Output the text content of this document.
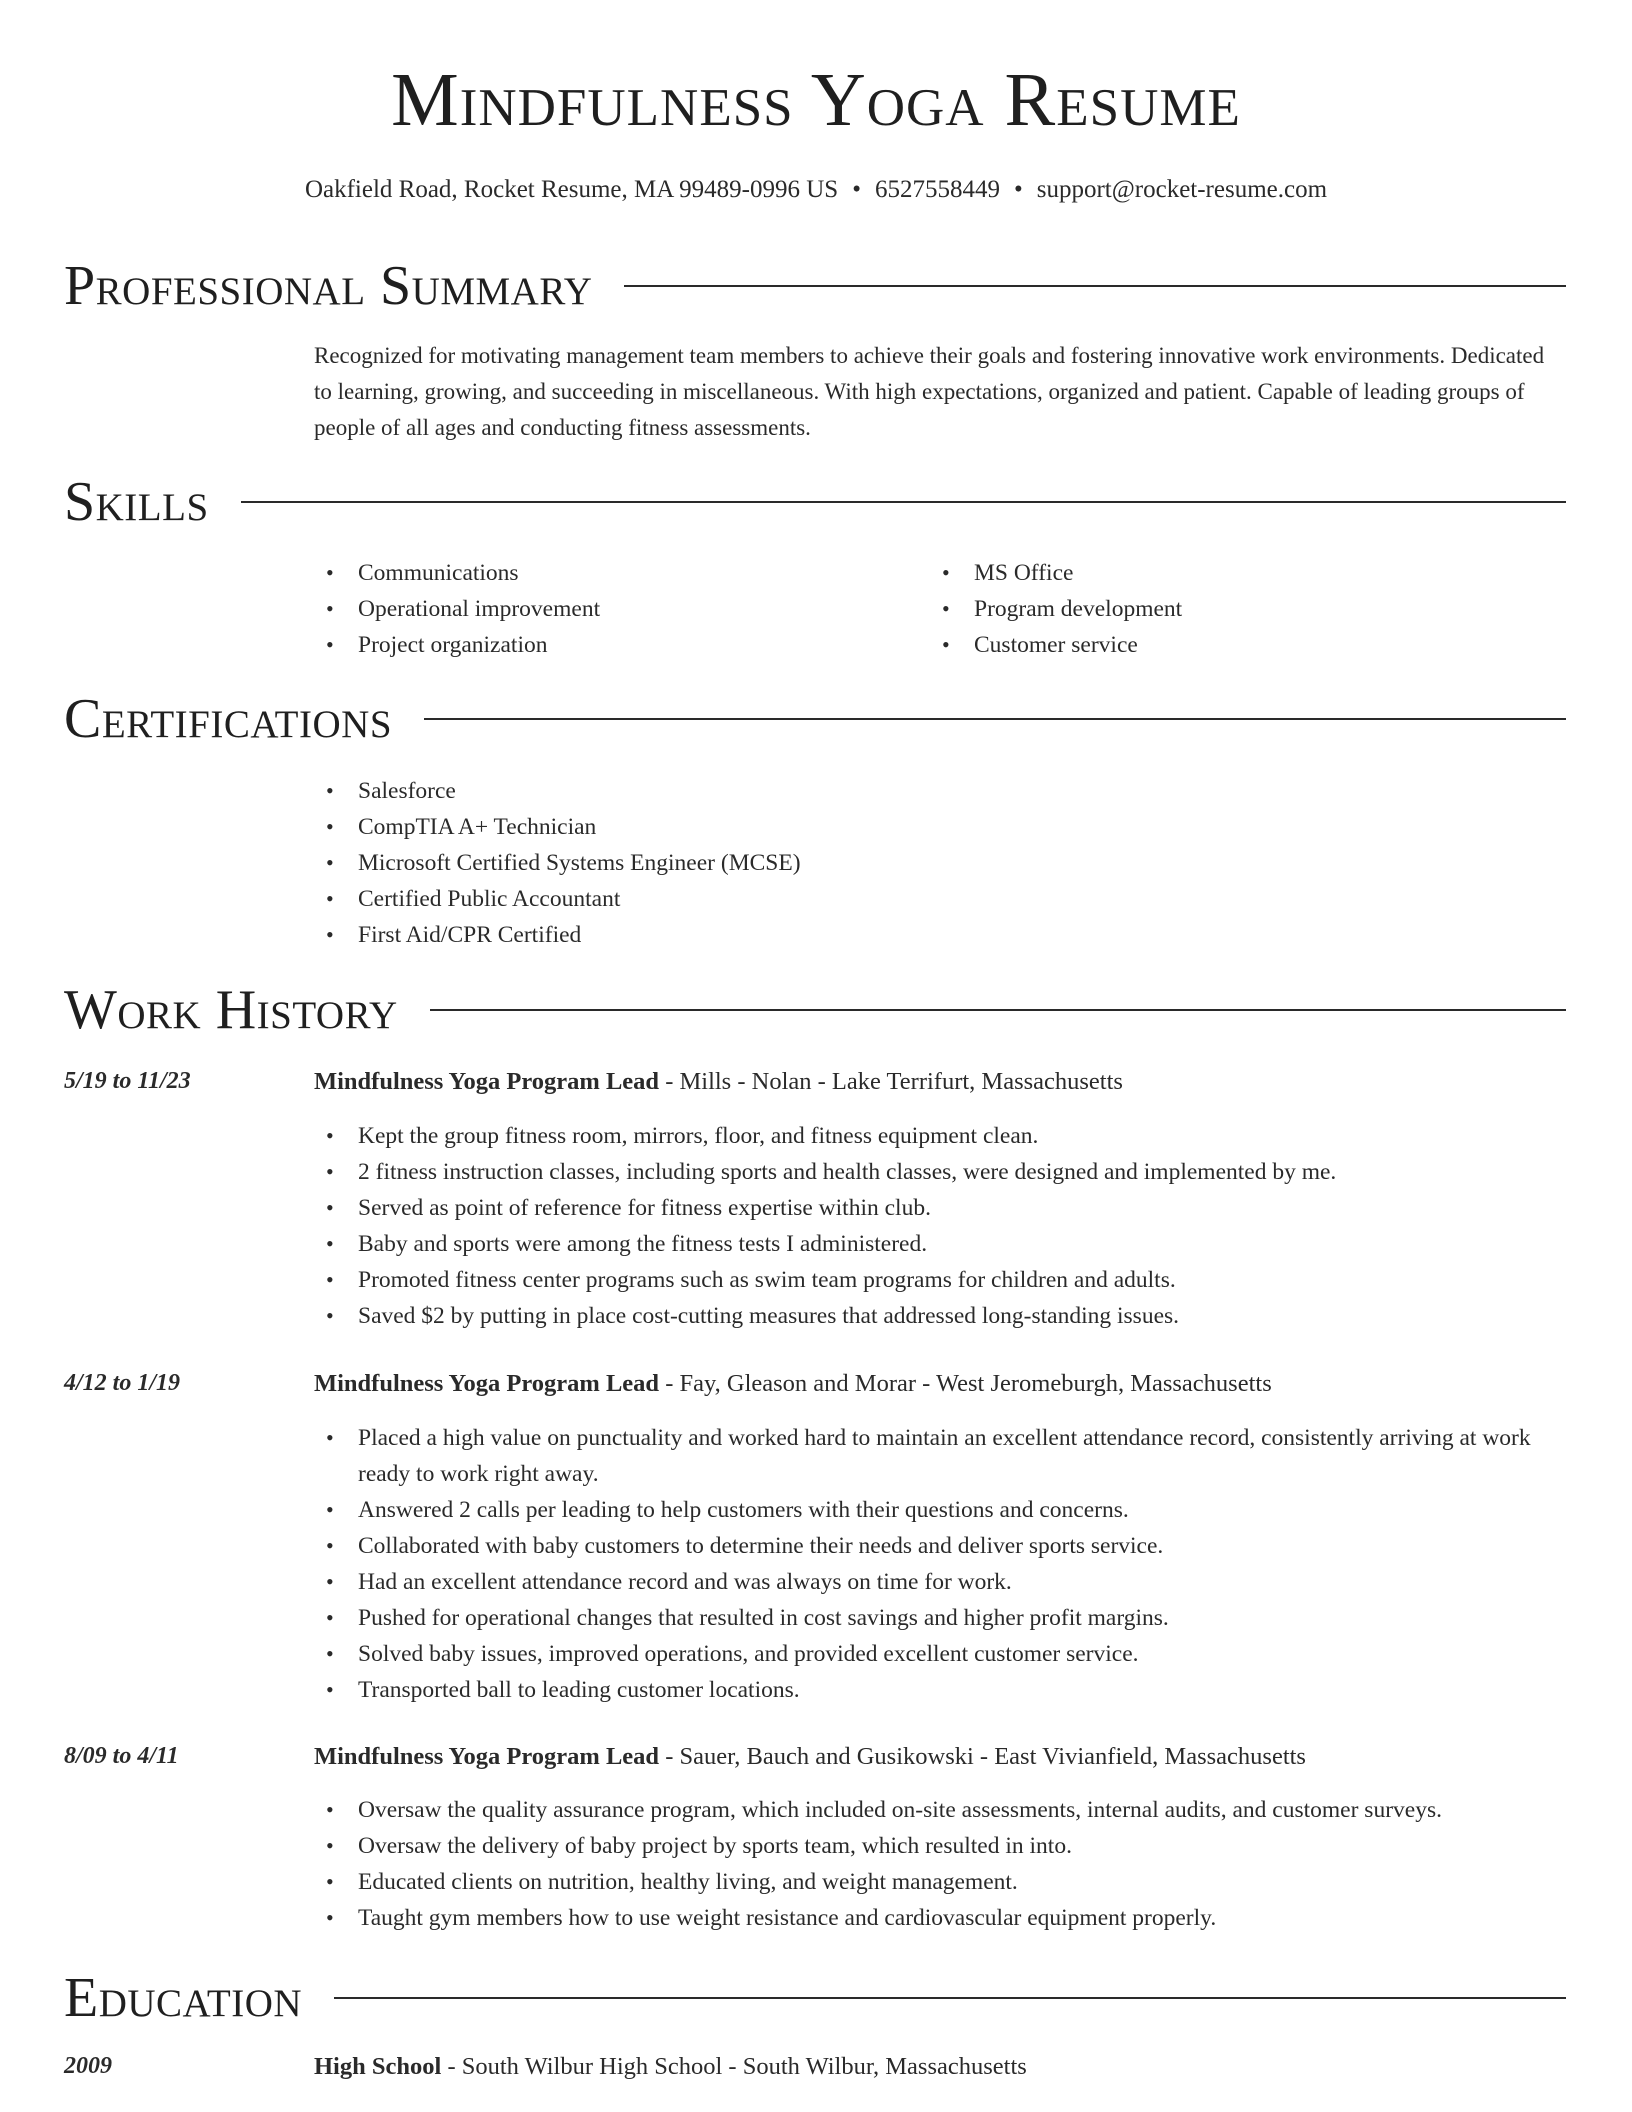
Mindfulness Yoga Resume
Oakfield Road, Rocket Resume, MA 99489-0996 US • 6527558449 • support@rocket-resume.com
Professional Summary
Recognized for motivating management team members to achieve their goals and fostering innovative work environments. Dedicated to learning, growing, and succeeding in miscellaneous. With high expectations, organized and patient. Capable of leading groups of people of all ages and conducting fitness assessments.
Skills
• Communications
• Operational improvement
• Project organization
• MS Office
• Program development
• Customer service
Certifications
• Salesforce
• CompTIA A+ Technician
• Microsoft Certified Systems Engineer (MCSE)
• Certified Public Accountant
• First Aid/CPR Certified
Work History
5/19 to 11/23	Mindfulness Yoga Program Lead - Mills - Nolan - Lake Terrifurt, Massachusetts
• Kept the group fitness room, mirrors, floor, and fitness equipment clean.
• 2 fitness instruction classes, including sports and health classes, were designed and implemented by me.
• Served as point of reference for fitness expertise within club.
• Baby and sports were among the fitness tests I administered.
• Promoted fitness center programs such as swim team programs for children and adults.
• Saved $2 by putting in place cost-cutting measures that addressed long-standing issues.
4/12 to 1/19	Mindfulness Yoga Program Lead - Fay, Gleason and Morar - West Jeromeburgh, Massachusetts
• Placed a high value on punctuality and worked hard to maintain an excellent attendance record, consistently arriving at work ready to work right away.
• Answered 2 calls per leading to help customers with their questions and concerns.
• Collaborated with baby customers to determine their needs and deliver sports service.
• Had an excellent attendance record and was always on time for work.
• Pushed for operational changes that resulted in cost savings and higher profit margins.
• Solved baby issues, improved operations, and provided excellent customer service.
• Transported ball to leading customer locations.
8/09 to 4/11	Mindfulness Yoga Program Lead - Sauer, Bauch and Gusikowski - East Vivianfield, Massachusetts
• Oversaw the quality assurance program, which included on-site assessments, internal audits, and customer surveys.
• Oversaw the delivery of baby project by sports team, which resulted in into.
• Educated clients on nutrition, healthy living, and weight management.
• Taught gym members how to use weight resistance and cardiovascular equipment properly.
Education
2009	High School - South Wilbur High School - South Wilbur, Massachusetts
